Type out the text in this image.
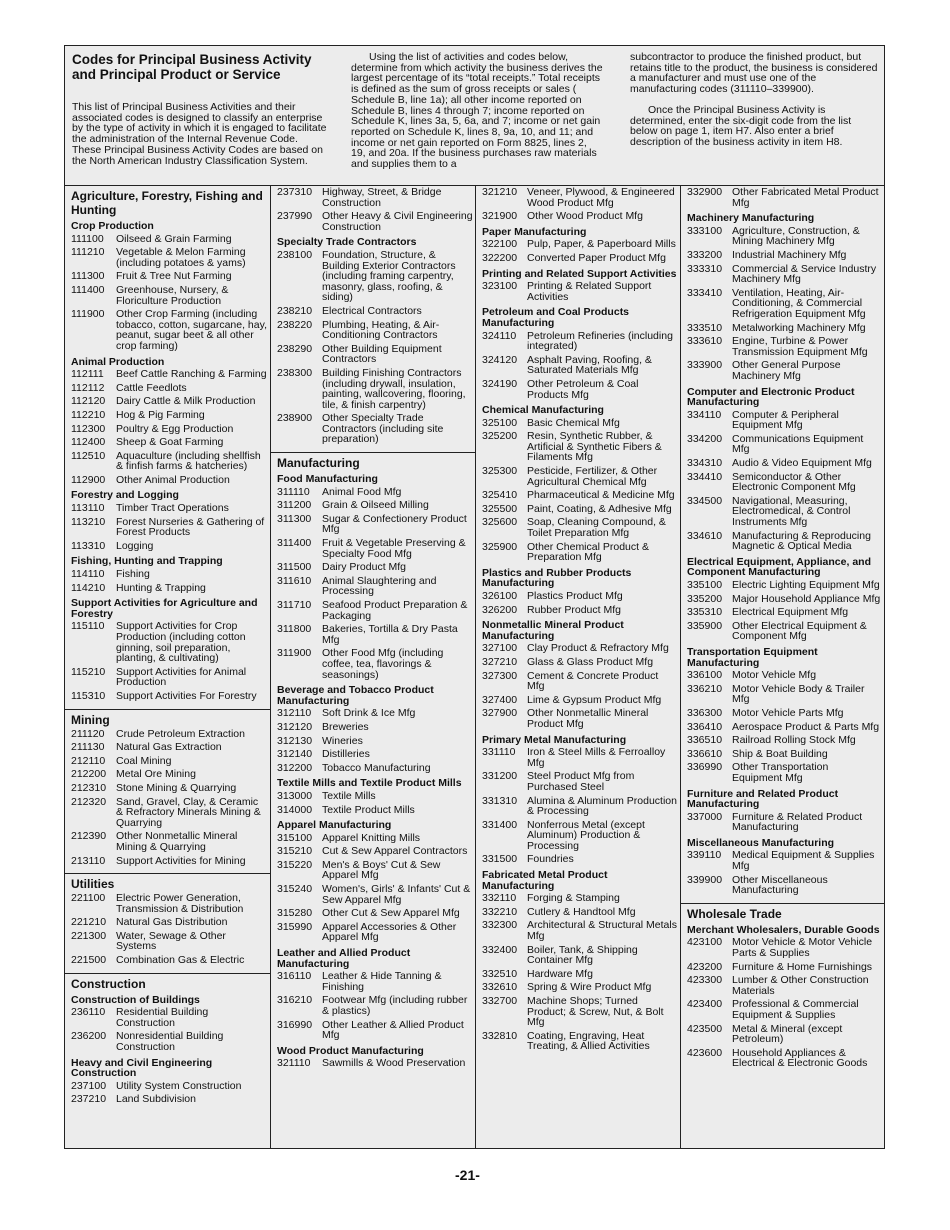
Codes for Principal Business Activity and Principal Product or Service

This list of Principal Business Activities and their associated codes is designed to classify an enterprise by the type of activity in which it is engaged to facilitate the administration of the Internal Revenue Code. These Principal Business Activity Codes are based on the North American Industry Classification System.

Using the list of activities and codes below, determine from which activity the business derives the largest percentage of its “total receipts.” Total receipts is defined as the sum of gross receipts or sales ( Schedule B, line 1a); all other income reported on Schedule B, lines 4 through 7; income reported on Schedule K, lines 3a, 5, 6a, and 7; income or net gain reported on Schedule K, lines 8, 9a, 10, and 11; and income or net gain reported on Form 8825, lines 2, 19, and 20a. If the business purchases raw materials and supplies them to a

subcontractor to produce the finished product, but retains title to the product, the business is considered a manufacturer and must use one of the manufacturing codes (311110–339900).

Once the Principal Business Activity is determined, enter the six-digit code from the list below on page 1, item H7. Also enter a brief description of the business activity in item H8.

Agriculture, Forestry, Fishing and Hunting
Crop Production
111100	Oilseed & Grain Farming
111210	Vegetable & Melon Farming (including potatoes & yams)
111300	Fruit & Tree Nut Farming
111400	Greenhouse, Nursery, & Floriculture Production
111900	Other Crop Farming (including tobacco, cotton, sugarcane, hay, peanut, sugar beet & all other crop farming)
Animal Production
112111	Beef Cattle Ranching & Farming
112112	Cattle Feedlots
112120	Dairy Cattle & Milk Production
112210	Hog & Pig Farming
112300	Poultry & Egg Production
112400	Sheep & Goat Farming
112510	Aquaculture (including shellfish & finfish farms & hatcheries)
112900	Other Animal Production
Forestry and Logging
113110	Timber Tract Operations
113210	Forest Nurseries & Gathering of Forest Products
113310	Logging
Fishing, Hunting and Trapping
114110	Fishing
114210	Hunting & Trapping
Support Activities for Agriculture and Forestry
115110	Support Activities for Crop Production (including cotton ginning, soil preparation, planting, & cultivating)
115210	Support Activities for Animal Production
115310	Support Activities For Forestry
Mining
211120	Crude Petroleum Extraction
211130	Natural Gas Extraction
212110	Coal Mining
212200 Metal Ore Mining
212310 Stone Mining & Quarrying
212320 Sand, Gravel, Clay, & Ceramic & Refractory Minerals Mining & Quarrying
212390 Other Nonmetallic Mineral Mining & Quarrying
213110	Support Activities for Mining
Utilities
221100	Electric Power Generation, Transmission & Distribution
221210 Natural Gas Distribution
221300 Water, Sewage & Other Systems
221500 Combination Gas & Electric
Construction
Construction of Buildings
236110	Residential Building Construction
236200 Nonresidential Building Construction
Heavy and Civil Engineering Construction
237100 Utility System Construction
237210 Land Subdivision
237310 Highway, Street, & Bridge Construction
237990 Other Heavy & Civil Engineering Construction
Specialty Trade Contractors
238100 Foundation, Structure, & Building Exterior Contractors (including framing carpentry, masonry, glass, roofing, & siding)
238210 Electrical Contractors
238220 Plumbing, Heating, & Air-Conditioning Contractors
238290 Other Building Equipment Contractors
238300 Building Finishing Contractors (including drywall, insulation, painting, wallcovering, flooring, tile, & finish carpentry)
238900 Other Specialty Trade Contractors (including site preparation)
Manufacturing
Food Manufacturing
311110	Animal Food Mfg
311200	Grain & Oilseed Milling
311300	Sugar & Confectionery Product Mfg
311400	Fruit & Vegetable Preserving & Specialty Food Mfg
311500	Dairy Product Mfg
311610	Animal Slaughtering and Processing
311710	Seafood Product Preparation & Packaging
311800	Bakeries, Tortilla & Dry Pasta Mfg
311900	Other Food Mfg (including coffee, tea, flavorings & seasonings)
Beverage and Tobacco Product Manufacturing
312110	Soft Drink & Ice Mfg
312120 Breweries
312130 Wineries
312140 Distilleries
312200 Tobacco Manufacturing
Textile Mills and Textile Product Mills
313000 Textile Mills
314000 Textile Product Mills
Apparel Manufacturing
315100 Apparel Knitting Mills
315210 Cut & Sew Apparel Contractors
315220 Men's & Boys' Cut & Sew Apparel Mfg
315240 Women's, Girls' & Infants' Cut & Sew Apparel Mfg
315280 Other Cut & Sew Apparel Mfg
315990 Apparel Accessories & Other Apparel Mfg
Leather and Allied Product Manufacturing
316110	Leather & Hide Tanning & Finishing
316210 Footwear Mfg (including rubber & plastics)
316990 Other Leather & Allied Product Mfg
Wood Product Manufacturing
321110	Sawmills & Wood Preservation
321210 Veneer, Plywood, & Engineered Wood Product Mfg
321900 Other Wood Product Mfg
Paper Manufacturing
322100 Pulp, Paper, & Paperboard Mills
322200 Converted Paper Product Mfg
Printing and Related Support Activities
323100 Printing & Related Support Activities
Petroleum and Coal Products Manufacturing
324110	Petroleum Refineries (including integrated)
324120 Asphalt Paving, Roofing, & Saturated Materials Mfg
324190 Other Petroleum & Coal Products Mfg
Chemical Manufacturing
325100 Basic Chemical Mfg
325200 Resin, Synthetic Rubber, & Artificial & Synthetic Fibers & Filaments Mfg
325300 Pesticide, Fertilizer, & Other Agricultural Chemical Mfg
325410 Pharmaceutical & Medicine Mfg
325500 Paint, Coating, & Adhesive Mfg
325600 Soap, Cleaning Compound, & Toilet Preparation Mfg
325900 Other Chemical Product & Preparation Mfg
Plastics and Rubber Products Manufacturing
326100 Plastics Product Mfg
326200 Rubber Product Mfg
Nonmetallic Mineral Product Manufacturing
327100 Clay Product & Refractory Mfg
327210 Glass & Glass Product Mfg
327300 Cement & Concrete Product Mfg
327400 Lime & Gypsum Product Mfg
327900 Other Nonmetallic Mineral Product Mfg
Primary Metal Manufacturing
331110	Iron & Steel Mills & Ferroalloy Mfg
331200 Steel Product Mfg from Purchased Steel
331310 Alumina & Aluminum Production & Processing
331400 Nonferrous Metal (except Aluminum) Production & Processing
331500 Foundries
Fabricated Metal Product Manufacturing
332110	Forging & Stamping
332210 Cutlery & Handtool Mfg
332300 Architectural & Structural Metals Mfg
332400 Boiler, Tank, & Shipping Container Mfg
332510 Hardware Mfg
332610 Spring & Wire Product Mfg
332700 Machine Shops; Turned Product; & Screw, Nut, & Bolt Mfg
332810 Coating, Engraving, Heat Treating, & Allied Activities
332900 Other Fabricated Metal Product Mfg
Machinery Manufacturing
333100 Agriculture, Construction, & Mining Machinery Mfg
333200 Industrial Machinery Mfg
333310 Commercial & Service Industry Machinery Mfg
333410 Ventilation, Heating, Air-Conditioning, & Commercial Refrigeration Equipment Mfg
333510 Metalworking Machinery Mfg
333610 Engine, Turbine & Power Transmission Equipment Mfg
333900 Other General Purpose Machinery Mfg
Computer and Electronic Product Manufacturing
334110	Computer & Peripheral Equipment Mfg
334200 Communications Equipment Mfg
334310 Audio & Video Equipment Mfg
334410 Semiconductor & Other Electronic Component Mfg
334500 Navigational, Measuring, Electromedical, & Control Instruments Mfg
334610 Manufacturing & Reproducing Magnetic & Optical Media
Electrical Equipment, Appliance, and Component Manufacturing
335100 Electric Lighting Equipment Mfg
335200 Major Household Appliance Mfg
335310 Electrical Equipment Mfg
335900 Other Electrical Equipment & Component Mfg
Transportation Equipment Manufacturing
336100 Motor Vehicle Mfg
336210 Motor Vehicle Body & Trailer Mfg
336300 Motor Vehicle Parts Mfg
336410 Aerospace Product & Parts Mfg
336510 Railroad Rolling Stock Mfg
336610 Ship & Boat Building
336990 Other Transportation Equipment Mfg
Furniture and Related Product Manufacturing
337000 Furniture & Related Product Manufacturing
Miscellaneous Manufacturing
339110	Medical Equipment & Supplies Mfg
339900 Other Miscellaneous Manufacturing
Wholesale Trade
Merchant Wholesalers, Durable Goods
423100 Motor Vehicle & Motor Vehicle Parts & Supplies
423200 Furniture & Home Furnishings
423300 Lumber & Other Construction Materials
423400 Professional & Commercial Equipment & Supplies
423500 Metal & Mineral (except Petroleum)
423600 Household Appliances & Electrical & Electronic Goods
-21-
